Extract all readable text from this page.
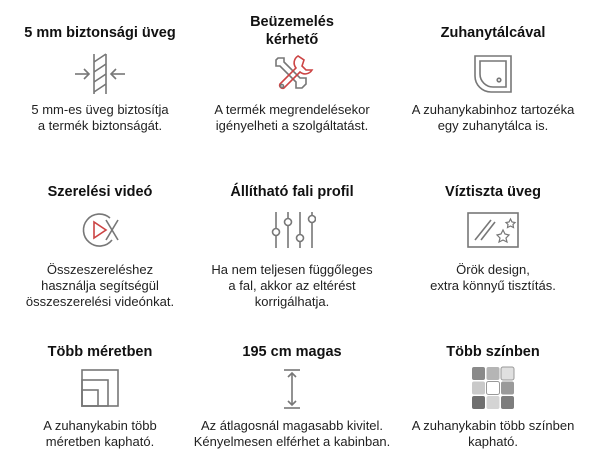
5 mm biztonsági üveg
5 mm-es üveg biztosítja
a termék biztonságát.
Beüzemelés
kérhető
A termék megrendelésekor
igényelheti a szolgáltatást.
Zuhanytálcával
A zuhanykabinhoz tartozéka
egy zuhanytálca is.
Szerelési videó
Összeszereléshez
használja segítségül
összeszerelési videónkat.
Állítható fali profil
Ha nem teljesen függőleges
a fal, akkor az eltérést
korrigálhatja.
Víztiszta üveg
Örök design,
extra könnyű tisztítás.
Több méretben
A zuhanykabin több
méretben kapható.
195 cm magas
Az átlagosnál magasabb kivitel.
Kényelmesen elférhet a kabinban.
Több színben
A zuhanykabin több színben
kapható.
